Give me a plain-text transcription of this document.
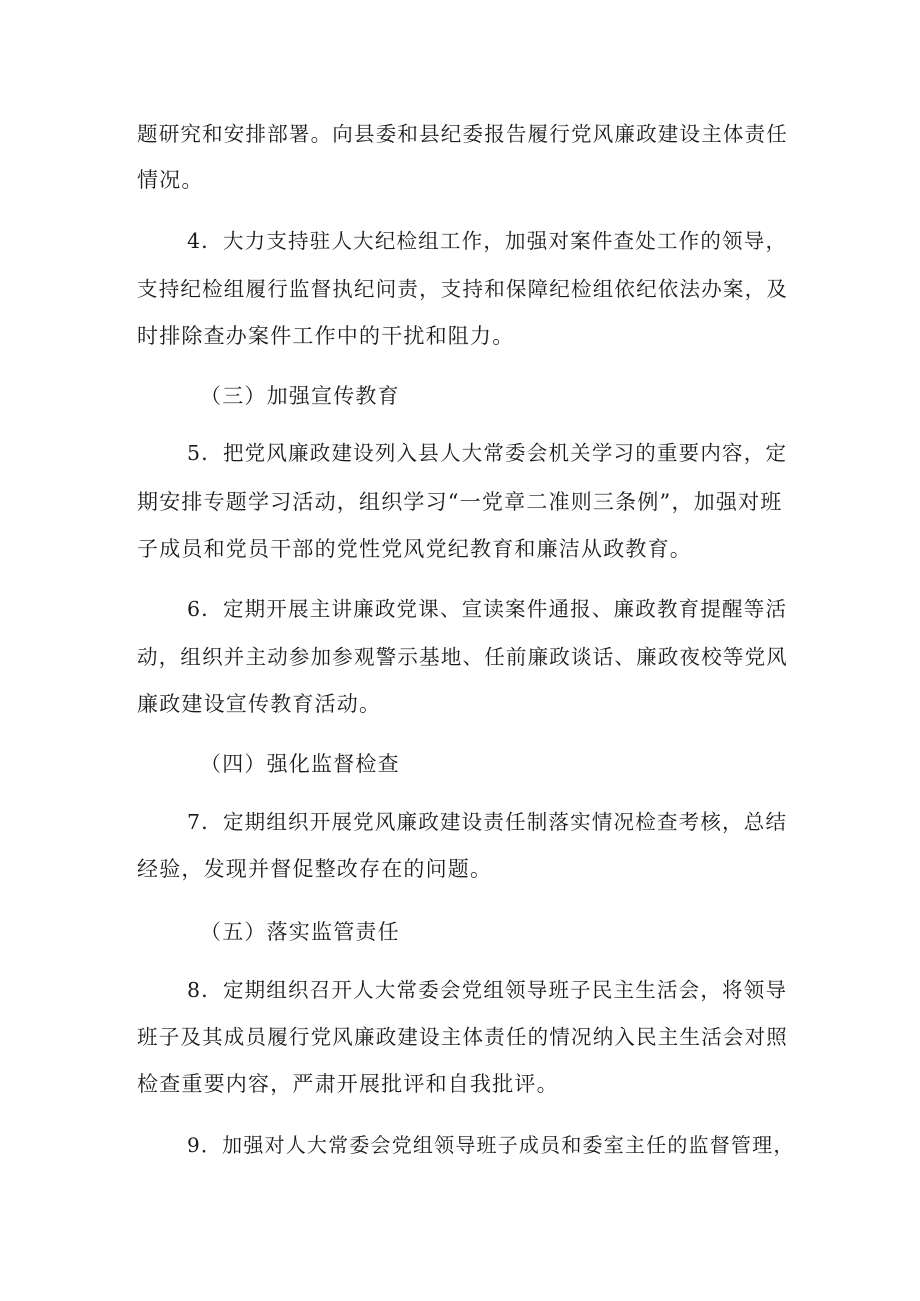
题研究和安排部署。向县委和县纪委报告履行党风廉政建设主体责任
情况。
4．大力支持驻人大纪检组工作，加强对案件查处工作的领导，
支持纪检组履行监督执纪问责，支持和保障纪检组依纪依法办案，及
时排除查办案件工作中的干扰和阻力。
（三）加强宣传教育
5．把党风廉政建设列入县人大常委会机关学习的重要内容，定
期安排专题学习活动，组织学习“一党章二准则三条例”，加强对班
子成员和党员干部的党性党风党纪教育和廉洁从政教育。
6．定期开展主讲廉政党课、宣读案件通报、廉政教育提醒等活
动，组织并主动参加参观警示基地、任前廉政谈话、廉政夜校等党风
廉政建设宣传教育活动。
（四）强化监督检查
7．定期组织开展党风廉政建设责任制落实情况检查考核，总结
经验，发现并督促整改存在的问题。
（五）落实监管责任
8．定期组织召开人大常委会党组领导班子民主生活会，将领导
班子及其成员履行党风廉政建设主体责任的情况纳入民主生活会对照
检查重要内容，严肃开展批评和自我批评。
9．加强对人大常委会党组领导班子成员和委室主任的监督管理，
